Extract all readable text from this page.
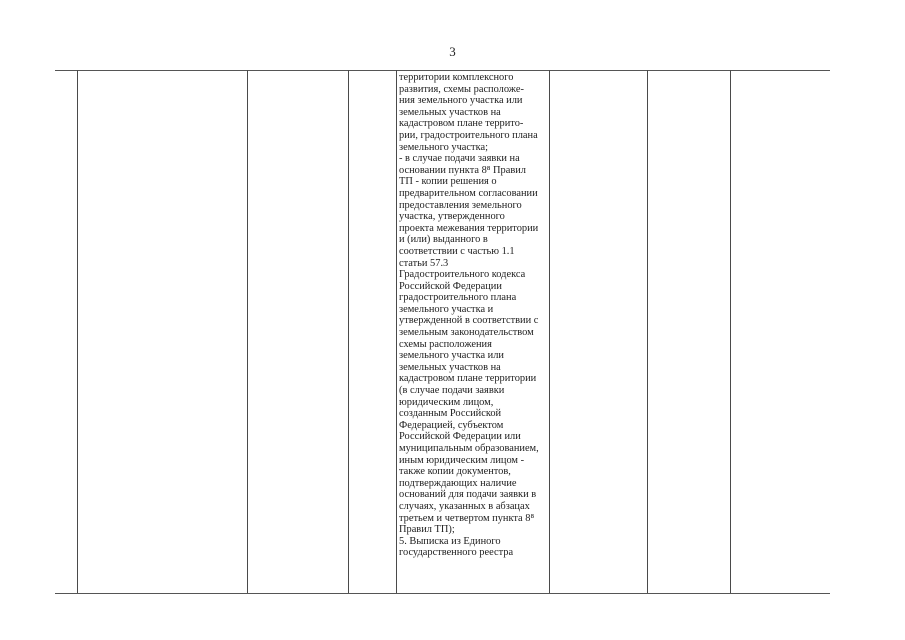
3
территории комплексного
развития, схемы расположе-
ния земельного участка или
земельных участков на
кадастровом плане террито-
рии, градостроительного плана
земельного участка;
- в случае подачи заявки на
основании пункта 8⁸ Правил
ТП - копии решения о
предварительном согласовании
предоставления земельного
участка, утвержденного
проекта межевания территории
и (или) выданного в
соответствии с частью 1.1
статьи 57.3
Градостроительного кодекса
Российской Федерации
градостроительного плана
земельного участка и
утвержденной в соответствии с
земельным законодательством
схемы расположения
земельного участка или
земельных участков на
кадастровом плане территории
(в случае подачи заявки
юридическим лицом,
созданным Российской
Федерацией, субъектом
Российской Федерации или
муниципальным образованием,
иным юридическим лицом -
также копии документов,
подтверждающих наличие
оснований для подачи заявки в
случаях, указанных в абзацах
третьем и четвертом пункта 8⁸
Правил ТП);
5. Выписка из Единого
государственного реестра
